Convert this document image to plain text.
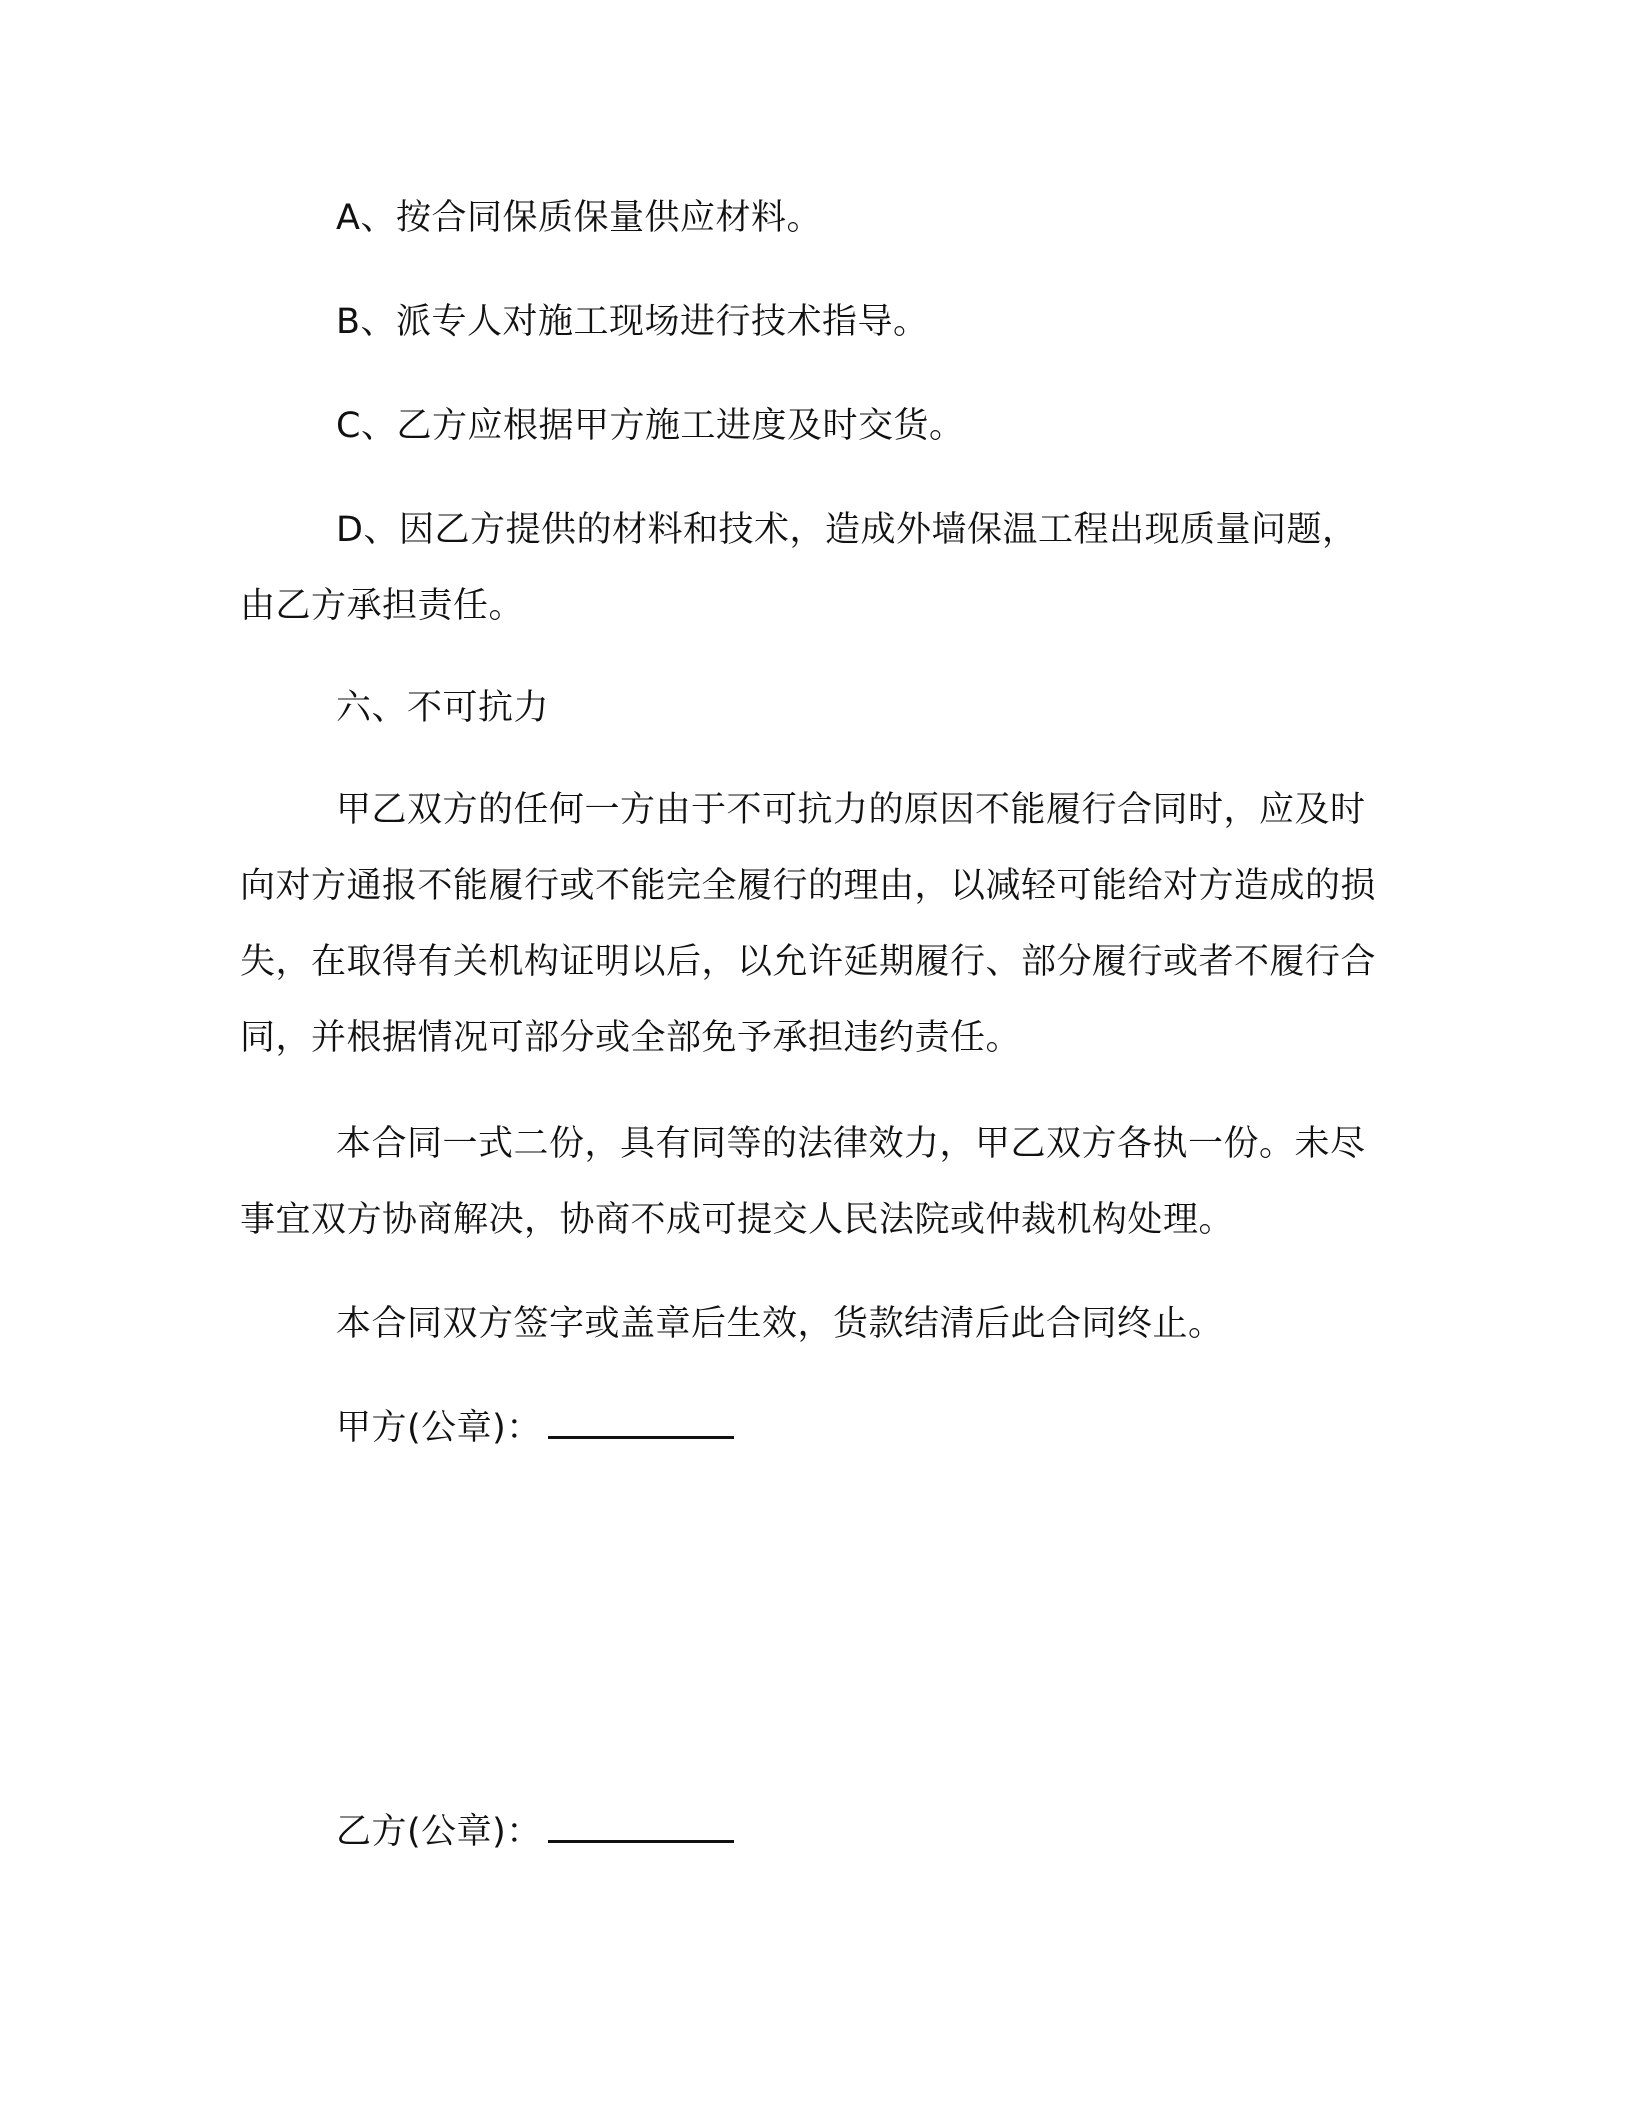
A、按合同保质保量供应材料。

B、派专人对施工现场进行技术指导。

C、乙方应根据甲方施工进度及时交货。

D、因乙方提供的材料和技术，造成外墙保温工程出现质量问题，由乙方承担责任。

六、不可抗力

甲乙双方的任何一方由于不可抗力的原因不能履行合同时，应及时向对方通报不能履行或不能完全履行的理由，以减轻可能给对方造成的损失，在取得有关机构证明以后，以允许延期履行、部分履行或者不履行合同，并根据情况可部分或全部免予承担违约责任。

本合同一式二份，具有同等的法律效力，甲乙双方各执一份。未尽事宜双方协商解决，协商不成可提交人民法院或仲裁机构处理。

本合同双方签字或盖章后生效，货款结清后此合同终止。

甲方(公章)：

乙方(公章)：
